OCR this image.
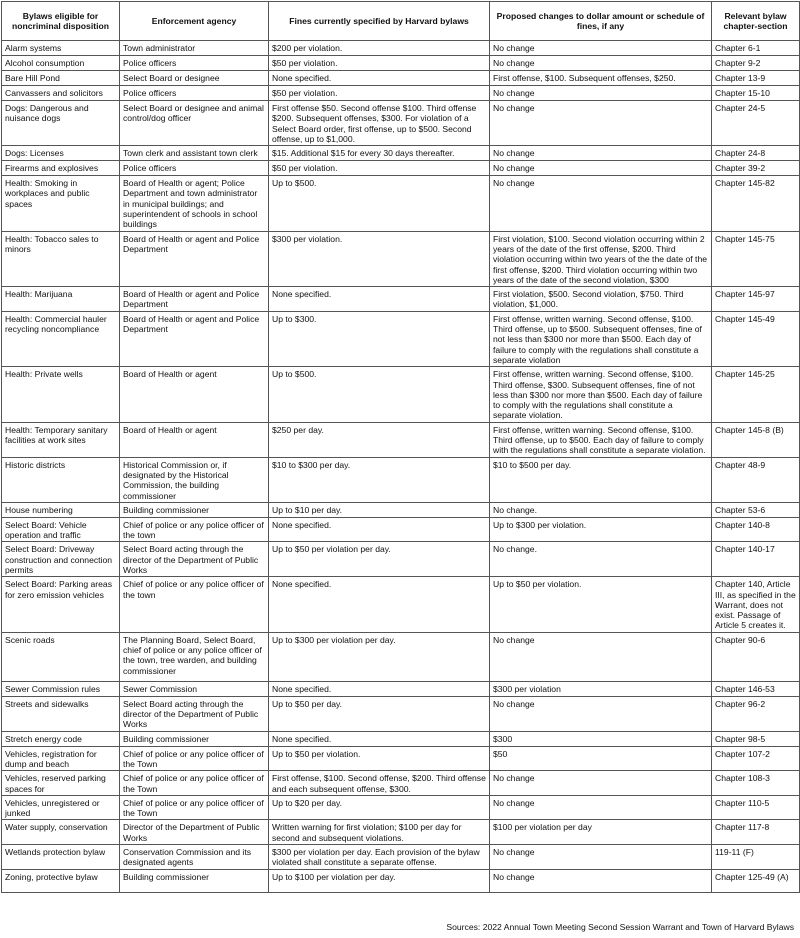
Bylaws eligible for noncriminal disposition	Enforcement agency	Fines currently specified by Harvard bylaws	Proposed changes to dollar amount or schedule of fines, if any	Relevant bylaw chapter-section
Alarm systems	Town administrator	$200 per violation.	No change	Chapter 6-1
Alcohol consumption	Police officers	$50 per violation.	No change	Chapter 9-2
Bare Hill Pond	Select Board or designee	None specified.	First offense, $100. Subsequent offenses, $250.	Chapter 13-9
Canvassers and solicitors	Police officers	$50 per violation.	No change	Chapter 15-10
Dogs: Dangerous and nuisance dogs	Select Board or designee and animal control/dog officer	First offense $50. Second offense $100. Third offense $200. Subsequent offenses, $300. For violation of a Select Board order, first offense, up to $500. Second offense, up to $1,000.	No change	Chapter 24-5
Dogs: Licenses	Town clerk and assistant town clerk	$15. Additional $15 for every 30 days thereafter.	No change	Chapter 24-8
Firearms and explosives	Police officers	$50 per violation.	No change	Chapter 39-2
Health: Smoking in workplaces and public spaces	Board of Health or agent; Police Department and town administrator in municipal buildings; and superintendent of schools in school buildings	Up to $500.	No change	Chapter 145-82
Health: Tobacco sales to minors	Board of Health or agent and Police Department	$300 per violation.	First violation, $100. Second violation occurring within 2 years of the date of the first offense, $200. Third violation occurring within two years of the the date of the first offense, $200. Third violation occurring within two years of the date of the second violation, $300	Chapter 145-75
Health: Marijuana	Board of Health or agent and Police Department	None specified.	First violation, $500. Second violation, $750. Third violation, $1,000.	Chapter 145-97
Health: Commercial hauler recycling noncompliance	Board of Health or agent and Police Department	Up to $300.	First offense, written warning. Second offense, $100. Third offense, up to $500. Subsequent offenses, fine of not less than $300 nor more than $500. Each day of failure to comply with the regulations shall constitute a separate violation	Chapter 145-49
Health: Private wells	Board of Health or agent	Up to $500.	First offense, written warning. Second offense, $100. Third offense, $300. Subsequent offenses, fine of not less than $300 nor more than $500. Each day of failure to comply with the regulations shall constitute a separate violation.	Chapter 145-25
Health: Temporary sanitary facilities at work sites	Board of Health or agent	$250 per day.	First offense, written warning. Second offense, $100. Third offense, up to $500. Each day of failure to comply with the regulations shall constitute a separate violation.	Chapter 145-8 (B)
Historic districts	Historical Commission or, if designated by the Historical Commission, the building commissioner	$10 to $300 per day.	$10 to $500 per day.	Chapter 48-9
House numbering	Building commissioner	Up to $10 per day.	No change.	Chapter 53-6
Select Board: Vehicle operation and traffic	Chief of police or any police officer of the town	None specified.	Up to $300 per violation.	Chapter 140-8
Select Board: Driveway construction and connection permits	Select Board acting through the director of the Department of Public Works	Up to $50 per violation per day.	No change.	Chapter 140-17
Select Board: Parking areas for zero emission vehicles	Chief of police or any police officer of the town	None specified.	Up to $50 per violation.	Chapter 140, Article III, as specified in the Warrant, does not exist. Passage of Article 5 creates it.
Scenic roads	The Planning Board, Select Board, chief of police or any police officer of the town, tree warden, and building commissioner	Up to $300 per violation per day.	No change	Chapter 90-6
Sewer Commission rules	Sewer Commission	None specified.	$300 per violation	Chapter 146-53
Streets and sidewalks	Select Board acting through the director of the Department of Public Works	Up to $50 per day.	No change	Chapter 96-2
Stretch energy code	Building commissioner	None specified.	$300	Chapter 98-5
Vehicles, registration for dump and beach	Chief of police or any police officer of the Town	Up to $50 per violation.	$50	Chapter 107-2
Vehicles, reserved parking spaces for	Chief of police or any police officer of the Town	First offense, $100. Second offense, $200. Third offense and each subsequent offense, $300.	No change	Chapter 108-3
Vehicles, unregistered or junked	Chief of police or any police officer of the Town	Up to $20 per day.	No change	Chapter 110-5
Water supply, conservation	Director of the Department of Public Works	Written warning for first violation; $100 per day for second and subsequent violations.	$100 per violation per day	Chapter 117-8
Wetlands protection bylaw	Conservation Commission and its designated agents	$300 per violation per day. Each provision of the bylaw violated shall constitute a separate offense.	No change	119-11 (F)
Zoning, protective bylaw	Building commissioner	Up to $100 per violation per day.	No change	Chapter 125-49 (A)
Sources: 2022 Annual Town Meeting Second Session Warrant and Town of Harvard Bylaws
